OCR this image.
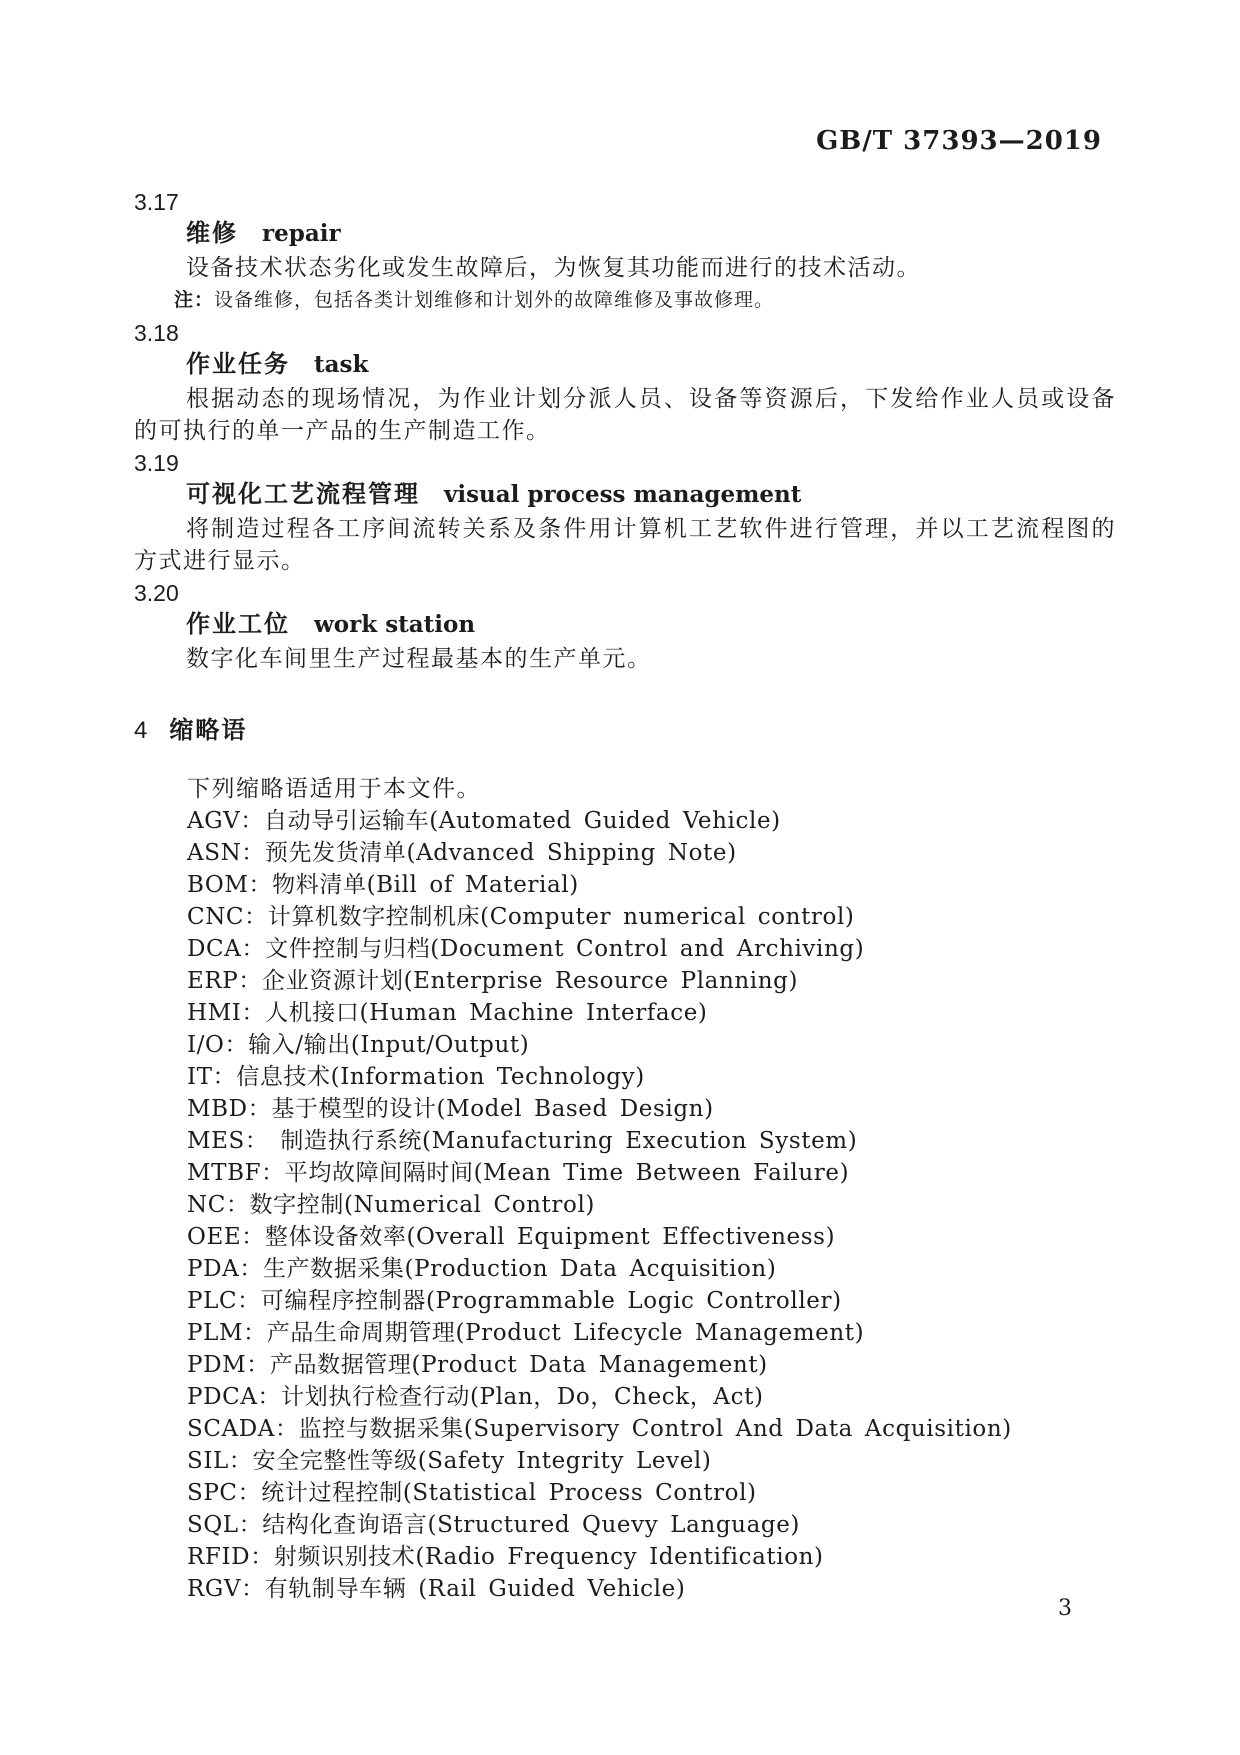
GB/T 37393—2019
3.17
维修 repair

设备技术状态劣化或发生故障后，为恢复其功能而进行的技术活动。

注：设备维修，包括各类计划维修和计划外的故障维修及事故修理。
3.18
作业任务 task

根据动态的现场情况，为作业计划分派人员、设备等资源后，下发给作业人员或设备的可执行的单一产品的生产制造工作。

3.19
可视化工艺流程管理 visual process management

将制造过程各工序间流转关系及条件用计算机工艺软件进行管理，并以工艺流程图的方式进行显示。

3.20
作业工位 work station

数字化车间里生产过程最基本的生产单元。

4 缩略语
下列缩略语适用于本文件。
AGV：自动导引运输车(Automated Guided Vehicle)
ASN：预先发货清单(Advanced Shipping Note)
BOM：物料清单(Bill of Material)
CNC：计算机数字控制机床(Computer numerical control)
DCA：文件控制与归档(Document Control and Archiving)
ERP：企业资源计划(Enterprise Resource Planning)
HMI：人机接口(Human Machine Interface)
I/O：输入/输出(Input/Output)
IT：信息技术(Information Technology)
MBD：基于模型的设计(Model Based Design)
MES： 制造执行系统(Manufacturing Execution System)
MTBF：平均故障间隔时间(Mean Time Between Failure)
NC：数字控制(Numerical Control)
OEE：整体设备效率(Overall Equipment Effectiveness)
PDA：生产数据采集(Production Data Acquisition)
PLC：可编程序控制器(Programmable Logic Controller)
PLM：产品生命周期管理(Product Lifecycle Management)
PDM：产品数据管理(Product Data Management)
PDCA：计划执行检查行动(Plan，Do，Check，Act)
SCADA：监控与数据采集(Supervisory Control And Data Acquisition)
SIL：安全完整性等级(Safety Integrity Level)
SPC：统计过程控制(Statistical Process Control)
SQL：结构化查询语言(Structured Quevy Language)
RFID：射频识别技术(Radio Frequency Identification)
RGV：有轨制导车辆 (Rail Guided Vehicle)
3
